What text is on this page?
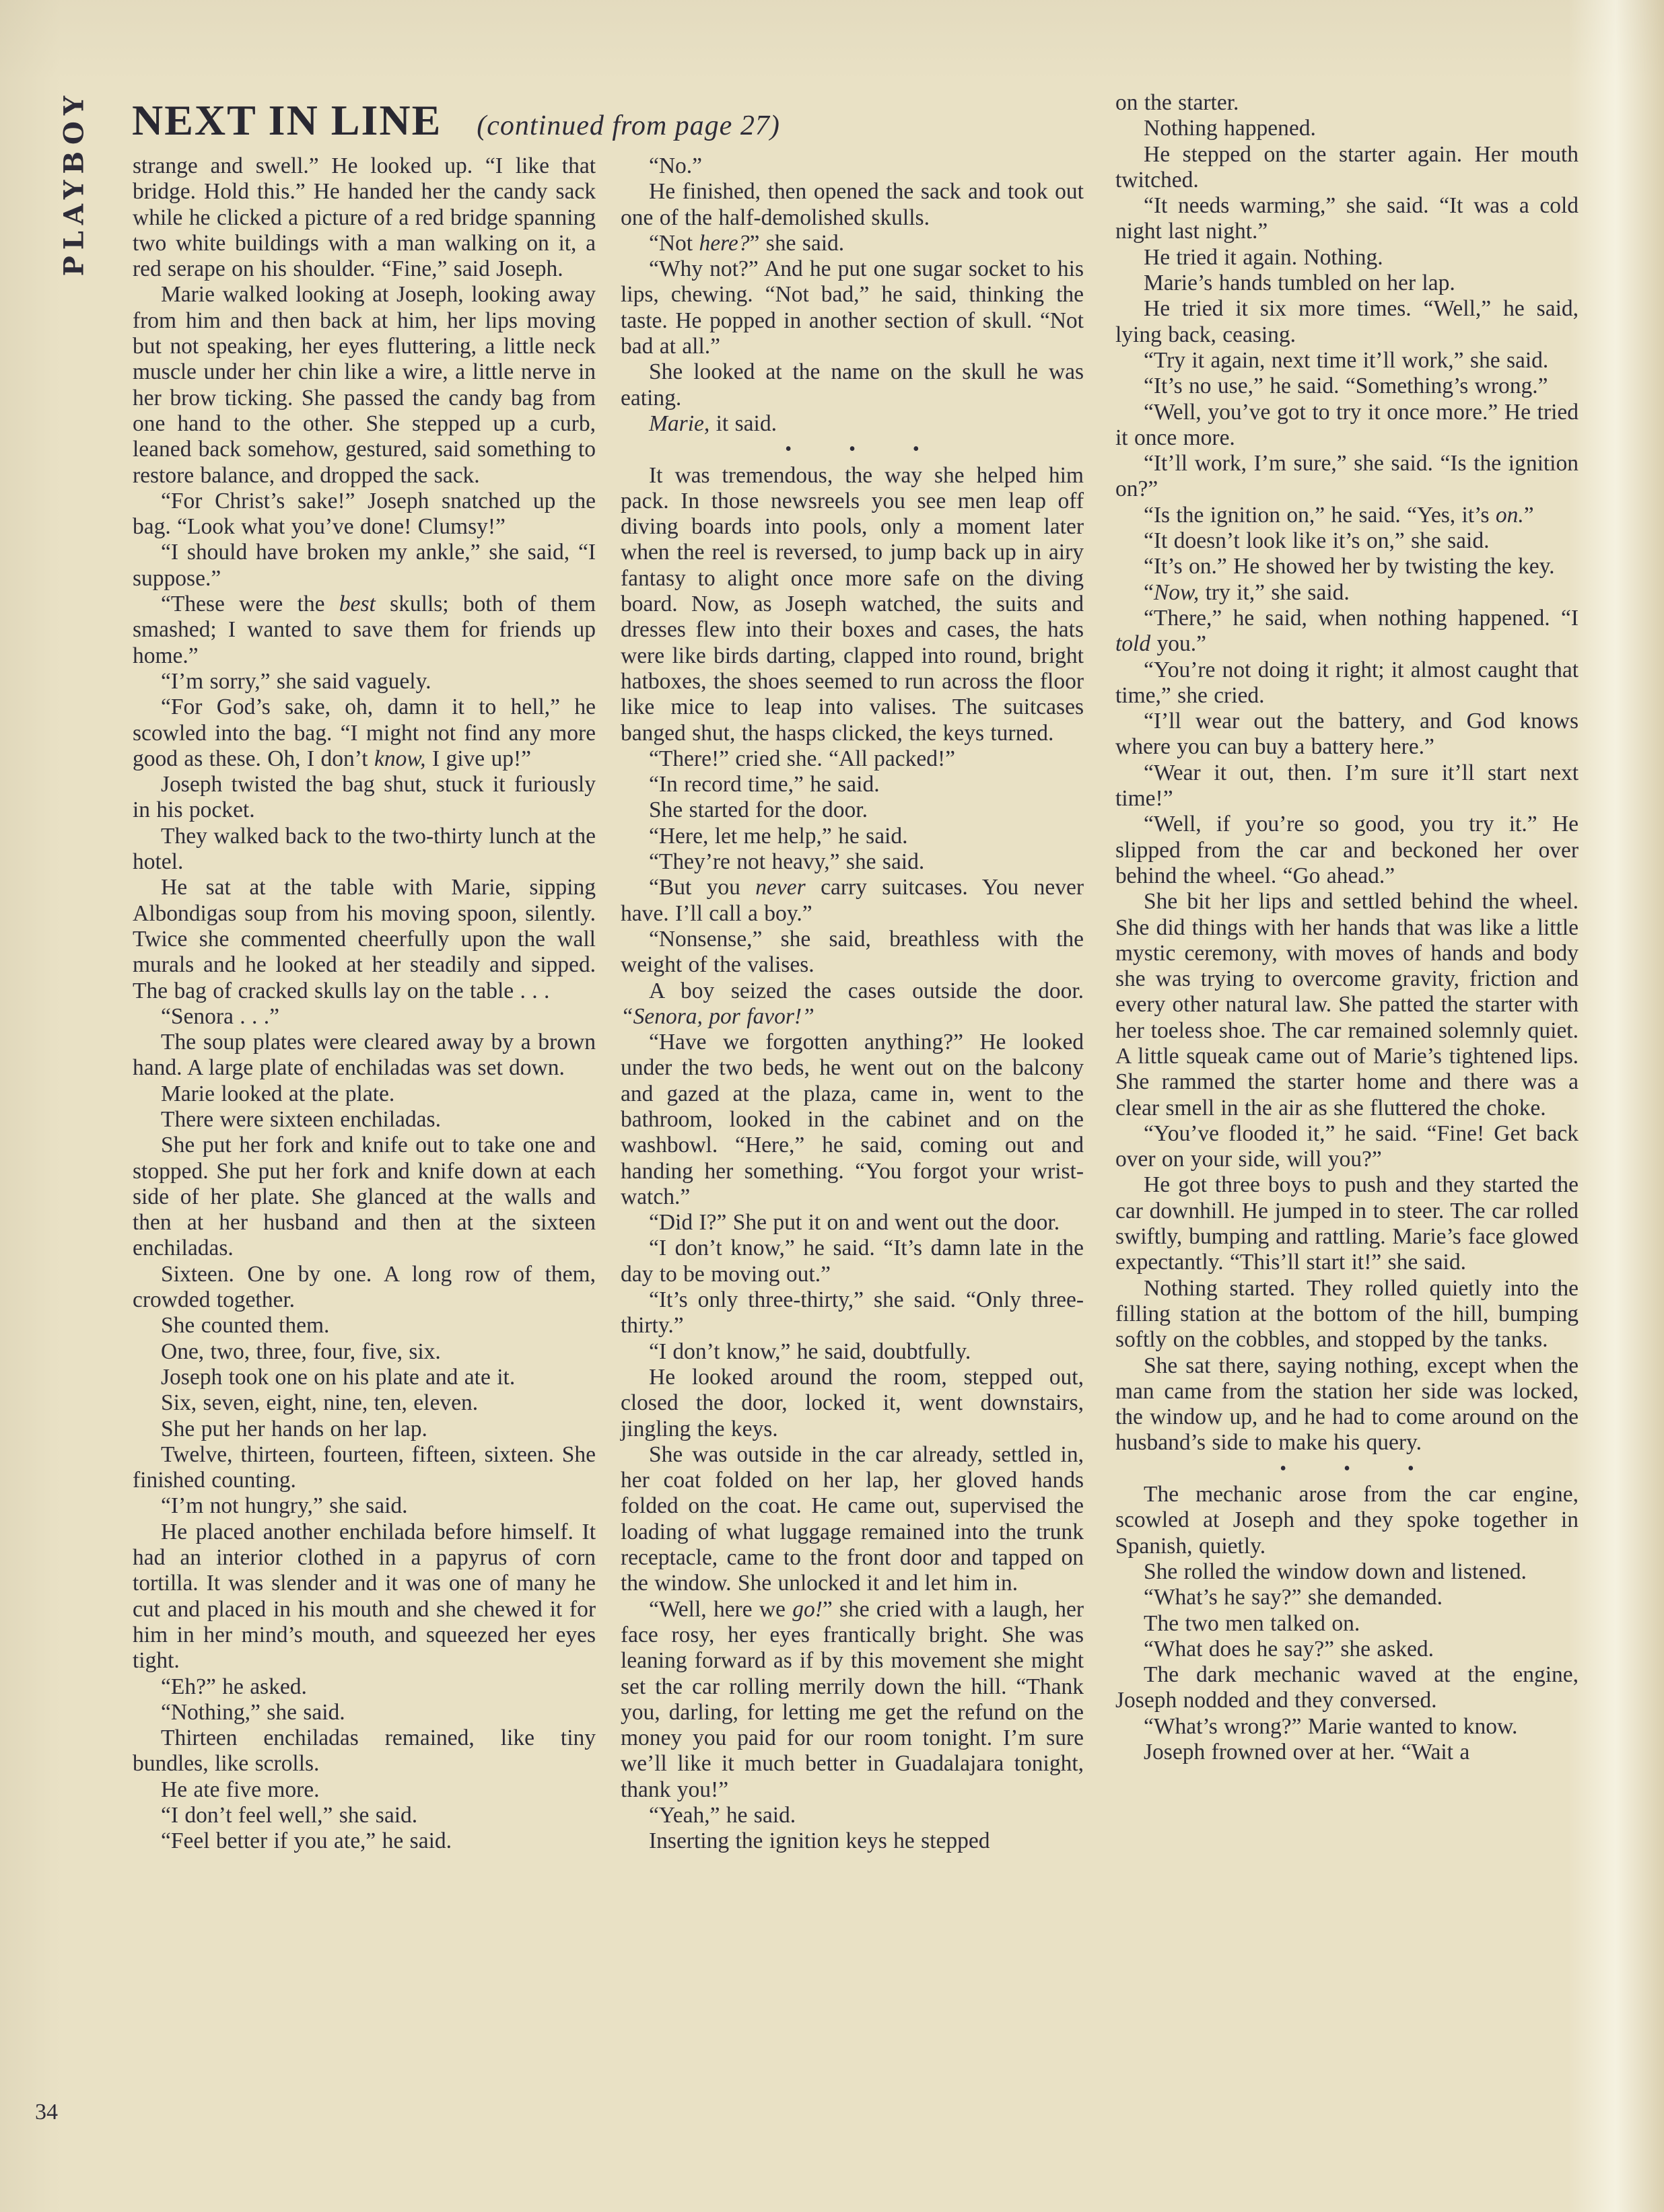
PLAYBOY NEXT IN LINE (continued from page 27)

strange and swell.” He looked up. “I like that bridge. Hold this.” He handed her the candy sack while he clicked a picture of a red bridge spanning two white buildings with a man walking on it, a red serape on his shoulder. “Fine,” said Joseph.

Marie walked looking at Joseph, looking away from him and then back at him, her lips moving but not speaking, her eyes fluttering, a little neck muscle under her chin like a wire, a little nerve in her brow ticking. She passed the candy bag from one hand to the other. She stepped up a curb, leaned back somehow, gestured, said something to restore balance, and dropped the sack.

“For Christ’s sake!” Joseph snatched up the bag. “Look what you’ve done! Clumsy!”

“I should have broken my ankle,” she said, “I suppose.”

“These were the best skulls; both of them smashed; I wanted to save them for friends up home.”

“I’m sorry,” she said vaguely.

“For God’s sake, oh, damn it to hell,” he scowled into the bag. “I might not find any more good as these. Oh, I don’t know, I give up!”

Joseph twisted the bag shut, stuck it furiously in his pocket.

They walked back to the two-thirty lunch at the hotel.

He sat at the table with Marie, sipping Albondigas soup from his moving spoon, silently. Twice she commented cheerfully upon the wall murals and he looked at her steadily and sipped. The bag of cracked skulls lay on the table . . .

“Senora . . .”

The soup plates were cleared away by a brown hand. A large plate of enchiladas was set down.

Marie looked at the plate.

There were sixteen enchiladas.

She put her fork and knife out to take one and stopped. She put her fork and knife down at each side of her plate. She glanced at the walls and then at her husband and then at the sixteen enchiladas.

Sixteen. One by one. A long row of them, crowded together.

She counted them.

One, two, three, four, five, six.

Joseph took one on his plate and ate it.

Six, seven, eight, nine, ten, eleven.

She put her hands on her lap.

Twelve, thirteen, fourteen, fifteen, sixteen. She finished counting.

“I’m not hungry,” she said.

He placed another enchilada before himself. It had an interior clothed in a papyrus of corn tortilla. It was slender and it was one of many he cut and placed in his mouth and she chewed it for him in her mind’s mouth, and squeezed her eyes tight.

“Eh?” he asked.

“Nothing,” she said.

Thirteen enchiladas remained, like tiny bundles, like scrolls.

He ate five more.

“I don’t feel well,” she said.

“Feel better if you ate,” he said.

“No.”

He finished, then opened the sack and took out one of the half-demolished skulls.

“Not here?” she said.

“Why not?” And he put one sugar socket to his lips, chewing. “Not bad,” he said, thinking the taste. He popped in another section of skull. “Not bad at all.”

She looked at the name on the skull he was eating.

Marie, it said.

• • •

It was tremendous, the way she helped him pack. In those newsreels you see men leap off diving boards into pools, only a moment later when the reel is reversed, to jump back up in airy fantasy to alight once more safe on the diving board. Now, as Joseph watched, the suits and dresses flew into their boxes and cases, the hats were like birds darting, clapped into round, bright hatboxes, the shoes seemed to run across the floor like mice to leap into valises. The suitcases banged shut, the hasps clicked, the keys turned.

“There!” cried she. “All packed!”

“In record time,” he said.

She started for the door.

“Here, let me help,” he said.

“They’re not heavy,” she said.

“But you never carry suitcases. You never have. I’ll call a boy.”

“Nonsense,” she said, breathless with the weight of the valises.

A boy seized the cases outside the door. “Senora, por favor!”

“Have we forgotten anything?” He looked under the two beds, he went out on the balcony and gazed at the plaza, came in, went to the bathroom, looked in the cabinet and on the washbowl. “Here,” he said, coming out and handing her something. “You forgot your wrist-watch.”

“Did I?” She put it on and went out the door.

“I don’t know,” he said. “It’s damn late in the day to be moving out.”

“It’s only three-thirty,” she said. “Only three-thirty.”

“I don’t know,” he said, doubtfully.

He looked around the room, stepped out, closed the door, locked it, went downstairs, jingling the keys.

She was outside in the car already, settled in, her coat folded on her lap, her gloved hands folded on the coat. He came out, supervised the loading of what luggage remained into the trunk receptacle, came to the front door and tapped on the window. She unlocked it and let him in.

“Well, here we go!” she cried with a laugh, her face rosy, her eyes frantically bright. She was leaning forward as if by this movement she might set the car rolling merrily down the hill. “Thank you, darling, for letting me get the refund on the money you paid for our room tonight. I’m sure we’ll like it much better in Guadalajara tonight, thank you!”

“Yeah,” he said.

Inserting the ignition keys he stepped

on the starter.

Nothing happened.

He stepped on the starter again. Her mouth twitched.

“It needs warming,” she said. “It was a cold night last night.”

He tried it again. Nothing.

Marie’s hands tumbled on her lap.

He tried it six more times. “Well,” he said, lying back, ceasing.

“Try it again, next time it’ll work,” she said.

“It’s no use,” he said. “Something’s wrong.”

“Well, you’ve got to try it once more.” He tried it once more.

“It’ll work, I’m sure,” she said. “Is the ignition on?”

“Is the ignition on,” he said. “Yes, it’s on.”

“It doesn’t look like it’s on,” she said.

“It’s on.” He showed her by twisting the key.

“Now, try it,” she said.

“There,” he said, when nothing happened. “I told you.”

“You’re not doing it right; it almost caught that time,” she cried.

“I’ll wear out the battery, and God knows where you can buy a battery here.”

“Wear it out, then. I’m sure it’ll start next time!”

“Well, if you’re so good, you try it.” He slipped from the car and beckoned her over behind the wheel. “Go ahead.”

She bit her lips and settled behind the wheel. She did things with her hands that was like a little mystic ceremony, with moves of hands and body she was trying to overcome gravity, friction and every other natural law. She patted the starter with her toeless shoe. The car remained solemnly quiet. A little squeak came out of Marie’s tightened lips. She rammed the starter home and there was a clear smell in the air as she fluttered the choke.

“You’ve flooded it,” he said. “Fine! Get back over on your side, will you?”

He got three boys to push and they started the car downhill. He jumped in to steer. The car rolled swiftly, bumping and rattling. Marie’s face glowed expectantly. “This’ll start it!” she said.

Nothing started. They rolled quietly into the filling station at the bottom of the hill, bumping softly on the cobbles, and stopped by the tanks.

She sat there, saying nothing, except when the man came from the station her side was locked, the window up, and he had to come around on the husband’s side to make his query.

• • •

The mechanic arose from the car engine, scowled at Joseph and they spoke together in Spanish, quietly.

She rolled the window down and listened.

“What’s he say?” she demanded.

The two men talked on.

“What does he say?” she asked.

The dark mechanic waved at the engine, Joseph nodded and they conversed.

“What’s wrong?” Marie wanted to know.

Joseph frowned over at her. “Wait a

34
